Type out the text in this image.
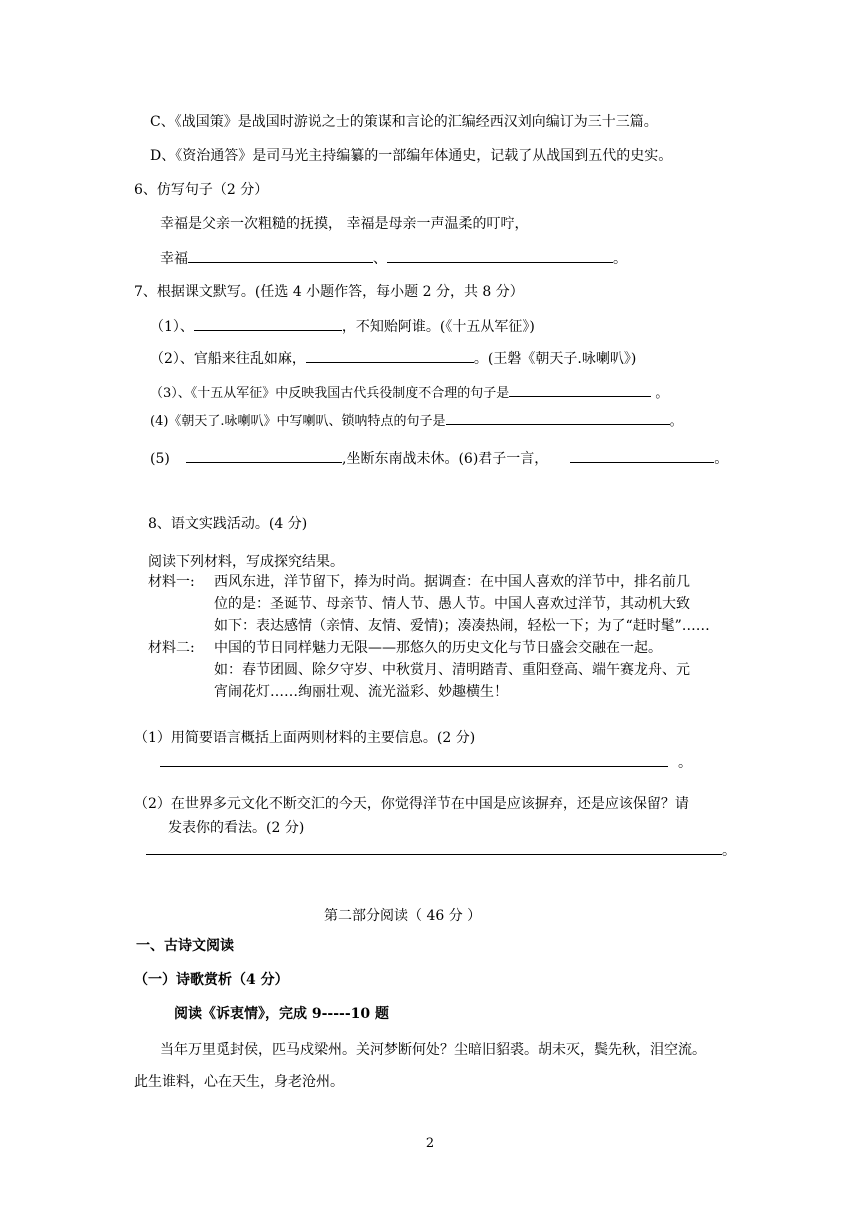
C、《战国策》是战国时游说之士的策谋和言论的汇编经西汉刘向编订为三十三篇。
D、《资治通答》是司马光主持编纂的一部编年体通史，记载了从战国到五代的史实。
6、仿写句子（2 分）
幸福是父亲一次粗糙的抚摸， 幸福是母亲一声温柔的叮咛，
幸福	、	。
7、根据课文默写。(任选 4 小题作答，每小题 2 分，共 8 分）
（1）、	，不知贻阿谁。(《十五从军征》)
（2）、官船来往乱如麻，	。(王磐《朝天子.咏喇叭》)
（3）、《十五从军征》中反映我国古代兵役制度不合理的句子是	。
(4)《朝天了.咏喇叭》中写喇叭、锁呐特点的句子是	。
(5)	,坐断东南战未休。(6)君子一言，	。
8、语文实践活动。(4 分)
阅读下列材料，写成探究结果。
材料一: 西风东进，洋节留下，捧为时尚。据调查：在中国人喜欢的洋节中，排名前几
位的是：圣诞节、母亲节、情人节、愚人节。中国人喜欢过洋节，其动机大致
如下：表达感情（亲情、友情、爱情)；凑凑热闹，轻松一下；为了“赶时髦”……
材料二: 中国的节日同样魅力无限——那悠久的历史文化与节日盛会交融在一起。
如：春节团圆、除夕守岁、中秋赏月、清明踏青、重阳登高、端午赛龙舟、元
宵闹花灯……绚丽壮观、流光溢彩、妙趣横生！
（1）用简要语言概括上面两则材料的主要信息。(2 分)
。
（2）在世界多元文化不断交汇的今天，你觉得洋节在中国是应该摒弃，还是应该保留？请
发表你的看法。(2 分)
。
第二部分阅读（ 46 分 ）
一、古诗文阅读
（一）诗歌赏析（4 分）
阅读《诉衷情》，完成 9-----10 题
当年万里觅封侯，匹马戍梁州。关河梦断何处？尘暗旧貂裘。胡未灭，鬓先秋，泪空流。
此生谁料，心在天生，身老沧州。
2
